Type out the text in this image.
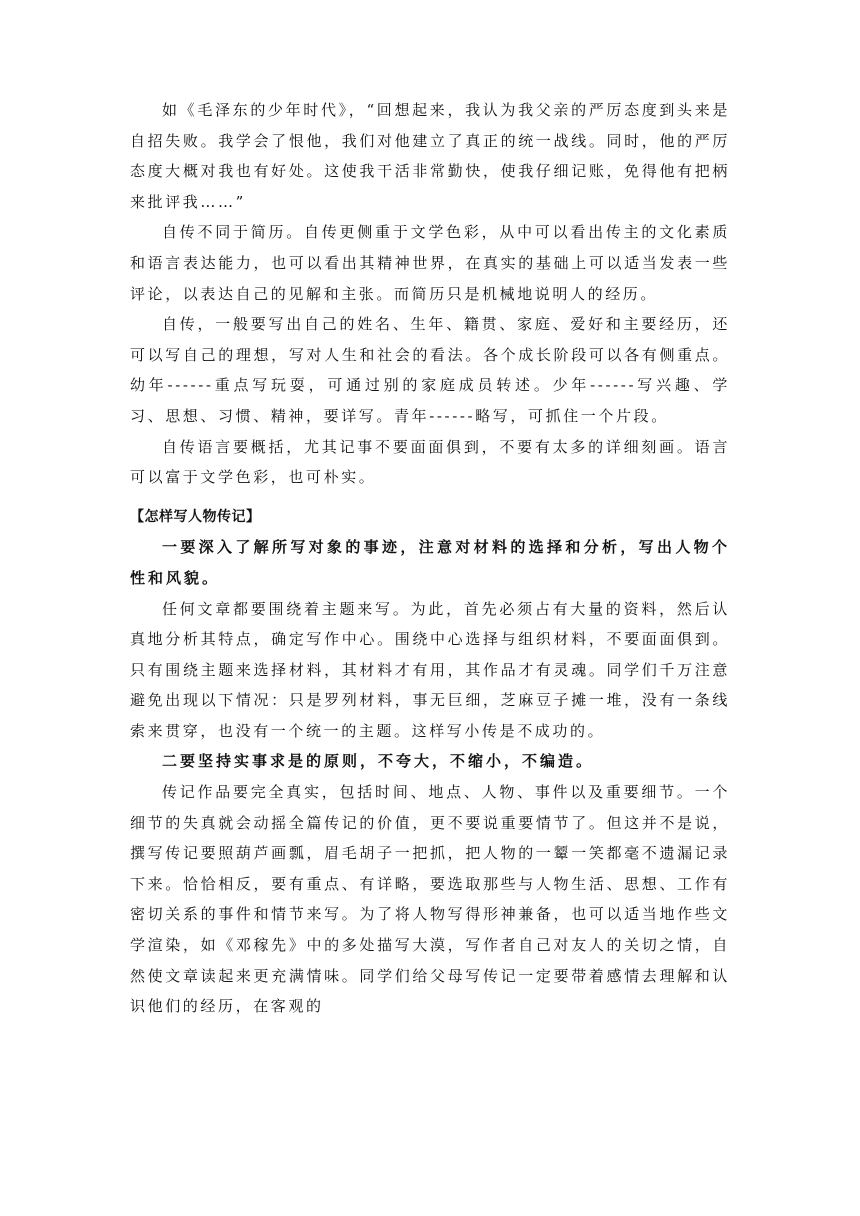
如《毛泽东的少年时代》，“回想起来，我认为我父亲的严厉态度到头来是自招失败。我学会了恨他，我们对他建立了真正的统一战线。同时，他的严厉态度大概对我也有好处。这使我干活非常勤快，使我仔细记账，免得他有把柄来批评我……”

自传不同于简历。自传更侧重于文学色彩，从中可以看出传主的文化素质和语言表达能力，也可以看出其精神世界，在真实的基础上可以适当发表一些评论，以表达自己的见解和主张。而简历只是机械地说明人的经历。

自传，一般要写出自己的姓名、生年、籍贯、家庭、爱好和主要经历，还可以写自己的理想，写对人生和社会的看法。各个成长阶段可以各有侧重点。幼年------重点写玩耍，可通过别的家庭成员转述。少年------写兴趣、学习、思想、习惯、精神，要详写。青年------略写，可抓住一个片段。

自传语言要概括，尤其记事不要面面俱到，不要有太多的详细刻画。语言可以富于文学色彩，也可朴实。

【怎样写人物传记】

一要深入了解所写对象的事迹，注意对材料的选择和分析，写出人物个性和风貌。

任何文章都要围绕着主题来写。为此，首先必须占有大量的资料，然后认真地分析其特点，确定写作中心。围绕中心选择与组织材料，不要面面俱到。只有围绕主题来选择材料，其材料才有用，其作品才有灵魂。同学们千万注意避免出现以下情况：只是罗列材料，事无巨细，芝麻豆子摊一堆，没有一条线索来贯穿，也没有一个统一的主题。这样写小传是不成功的。

二要坚持实事求是的原则，不夸大，不缩小，不编造。

传记作品要完全真实，包括时间、地点、人物、事件以及重要细节。一个细节的失真就会动摇全篇传记的价值，更不要说重要情节了。但这并不是说，撰写传记要照葫芦画瓢，眉毛胡子一把抓，把人物的一颦一笑都毫不遗漏记录下来。恰恰相反，要有重点、有详略，要选取那些与人物生活、思想、工作有密切关系的事件和情节来写。为了将人物写得形神兼备，也可以适当地作些文学渲染，如《邓稼先》中的多处描写大漠，写作者自己对友人的关切之情，自然使文章读起来更充满情味。同学们给父母写传记一定要带着感情去理解和认识他们的经历，在客观的
